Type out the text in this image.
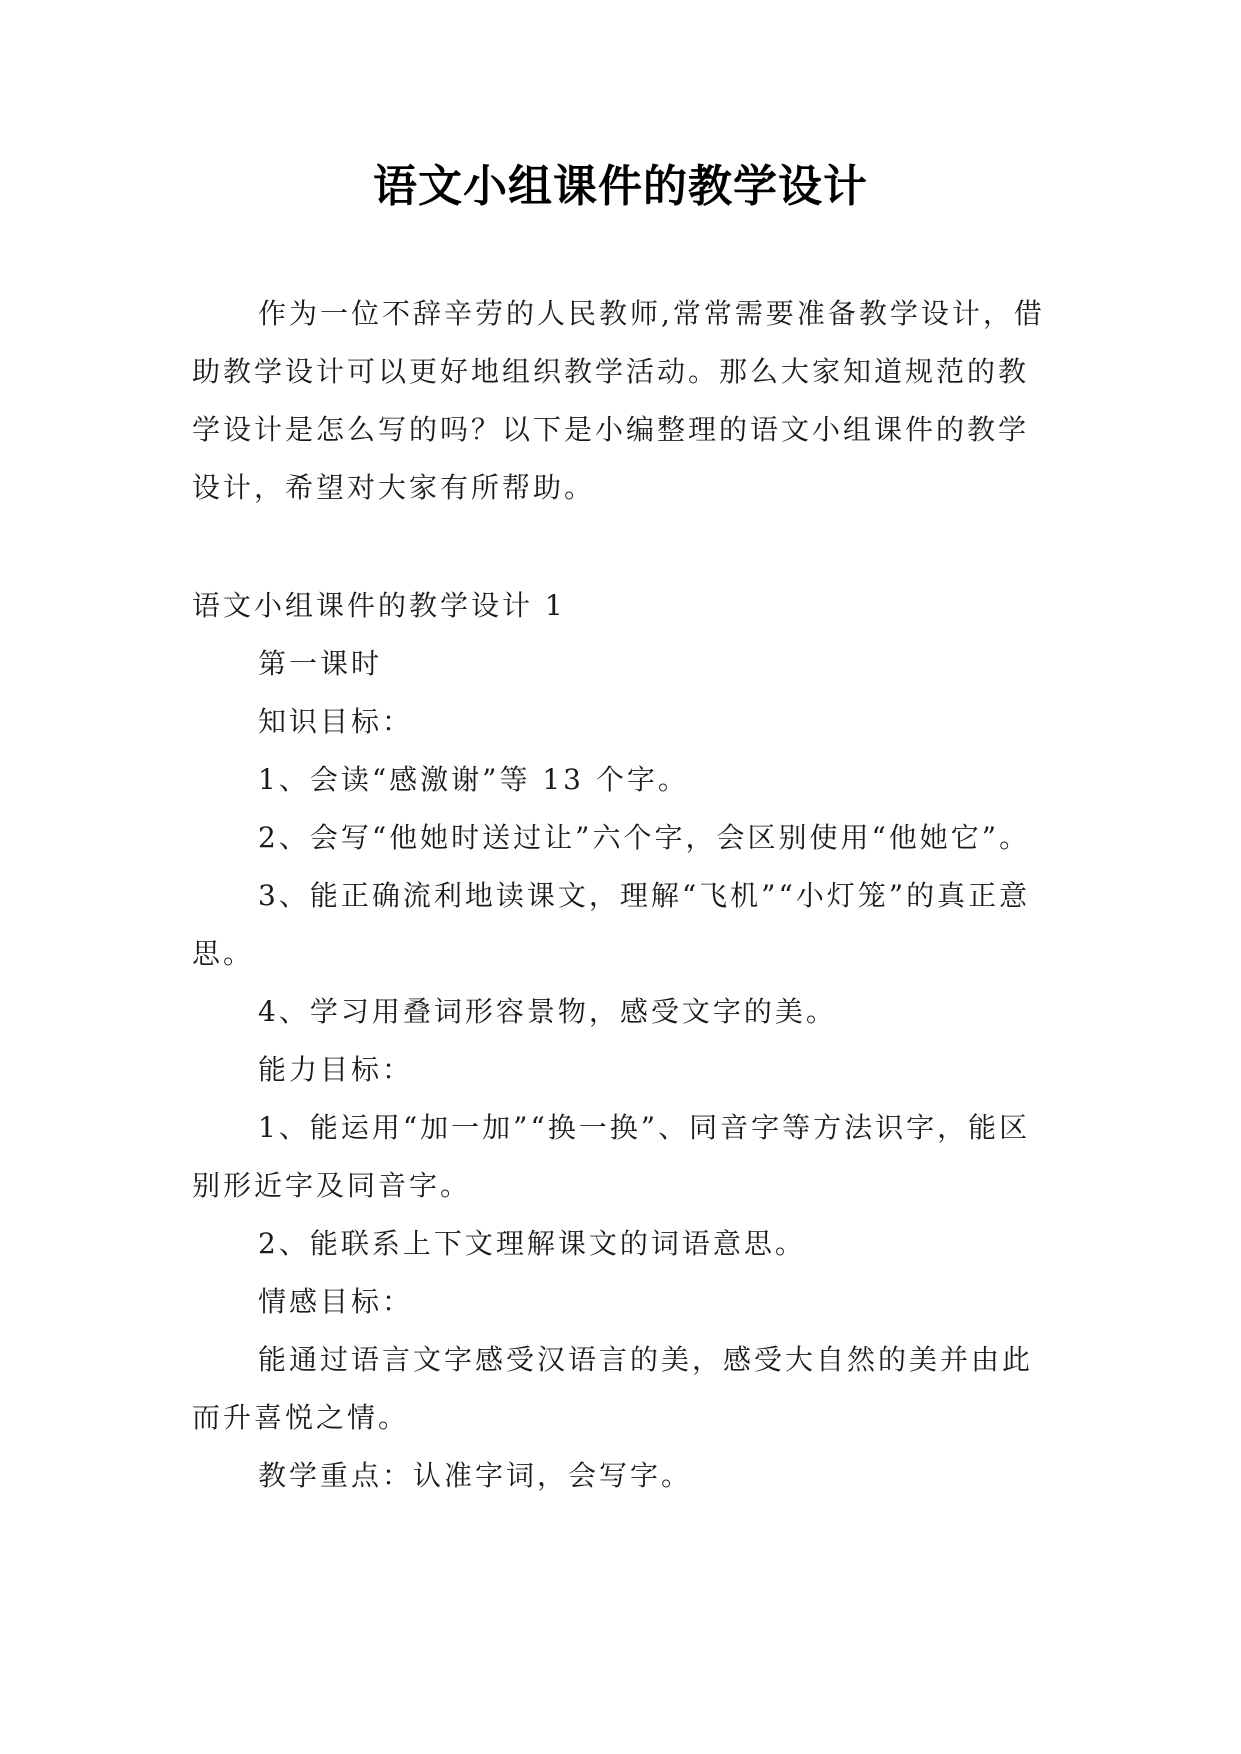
语文小组课件的教学设计

作为一位不辞辛劳的人民教师,常常需要准备教学设计，借助教学设计可以更好地组织教学活动。那么大家知道规范的教学设计是怎么写的吗？以下是小编整理的语文小组课件的教学设计，希望对大家有所帮助。

语文小组课件的教学设计 1

第一课时

知识目标：

1、会读“感激谢”等 13 个字。

2、会写“他她时送过让”六个字，会区别使用“他她它”。

3、能正确流利地读课文，理解“飞机”“小灯笼”的真正意思。

4、学习用叠词形容景物，感受文字的美。

能力目标：

1、能运用“加一加”“换一换”、同音字等方法识字，能区别形近字及同音字。

2、能联系上下文理解课文的词语意思。

情感目标：

能通过语言文字感受汉语言的美，感受大自然的美并由此而升喜悦之情。

教学重点：认准字词，会写字。
